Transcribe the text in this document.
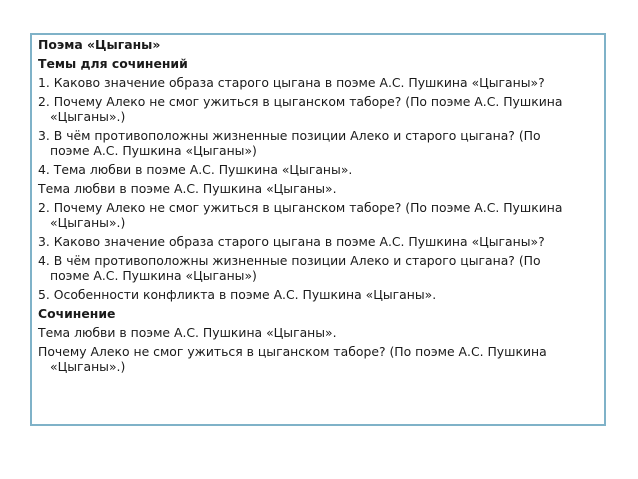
Поэма «Цыганы»
Темы для сочинений
1. Каково значение образа старого цыгана в поэме А.С. Пушкина «Цыганы»?
2. Почему Алеко не смог ужиться в цыганском таборе? (По поэме А.С. Пушкина
«Цыганы».)
3. В чём противоположны жизненные позиции Алеко и старого цыгана? (По
поэме А.С. Пушкина «Цыганы»)
4. Тема любви в поэме А.С. Пушкина «Цыганы».
Тема любви в поэме А.С. Пушкина «Цыганы».
2. Почему Алеко не смог ужиться в цыганском таборе? (По поэме А.С. Пушкина
«Цыганы».)
3. Каково значение образа старого цыгана в поэме А.С. Пушкина «Цыганы»?
4. В чём противоположны жизненные позиции Алеко и старого цыгана? (По
поэме А.С. Пушкина «Цыганы»)
5. Особенности конфликта в поэме А.С. Пушкина «Цыганы».
Сочинение
Тема любви в поэме А.С. Пушкина «Цыганы».
Почему Алеко не смог ужиться в цыганском таборе? (По поэме А.С. Пушкина
«Цыганы».)
